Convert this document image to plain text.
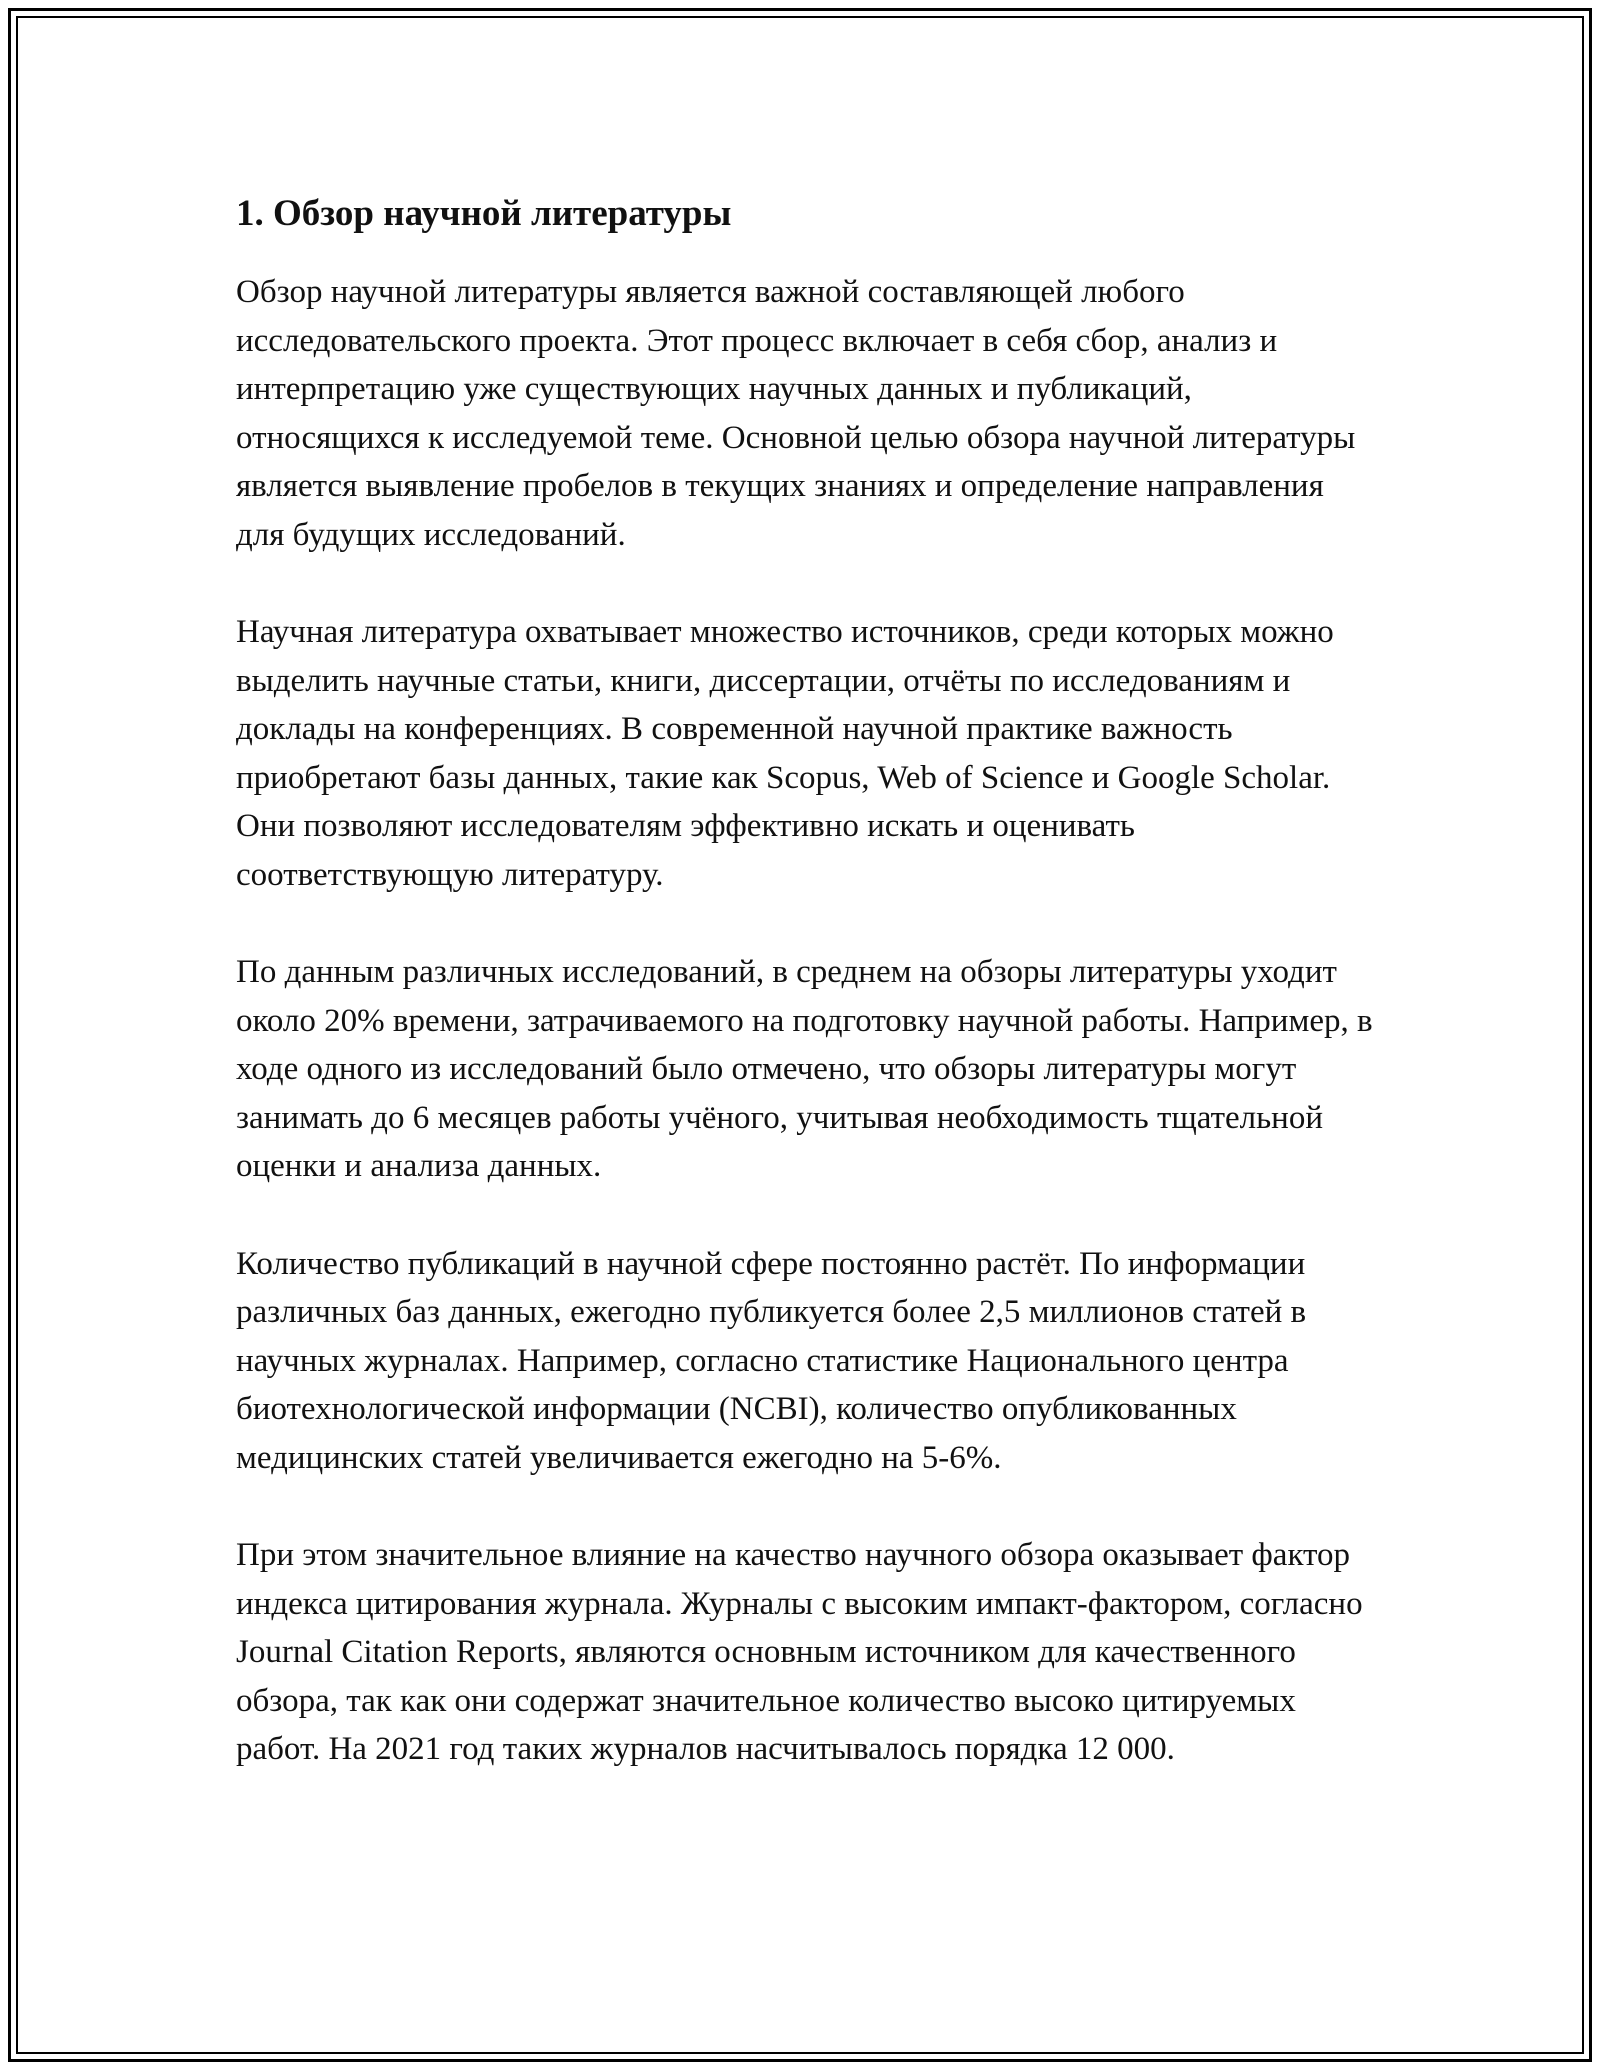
1. Обзор научной литературы

Обзор научной литературы является важной составляющей любого исследовательского проекта. Этот процесс включает в себя сбор, анализ и интерпретацию уже существующих научных данных и публикаций, относящихся к исследуемой теме. Основной целью обзора научной литературы является выявление пробелов в текущих знаниях и определение направления для будущих исследований.

Научная литература охватывает множество источников, среди которых можно выделить научные статьи, книги, диссертации, отчёты по исследованиям и доклады на конференциях. В современной научной практике важность приобретают базы данных, такие как Scopus, Web of Science и Google Scholar. Они позволяют исследователям эффективно искать и оценивать соответствующую литературу.

По данным различных исследований, в среднем на обзоры литературы уходит около 20% времени, затрачиваемого на подготовку научной работы. Например, в ходе одного из исследований было отмечено, что обзоры литературы могут занимать до 6 месяцев работы учёного, учитывая необходимость тщательной оценки и анализа данных.

Количество публикаций в научной сфере постоянно растёт. По информации различных баз данных, ежегодно публикуется более 2,5 миллионов статей в научных журналах. Например, согласно статистике Национального центра биотехнологической информации (NCBI), количество опубликованных медицинских статей увеличивается ежегодно на 5-6%.

При этом значительное влияние на качество научного обзора оказывает фактор индекса цитирования журнала. Журналы с высоким импакт-фактором, согласно Journal Citation Reports, являются основным источником для качественного обзора, так как они содержат значительное количество высоко цитируемых работ. На 2021 год таких журналов насчитывалось порядка 12 000.
